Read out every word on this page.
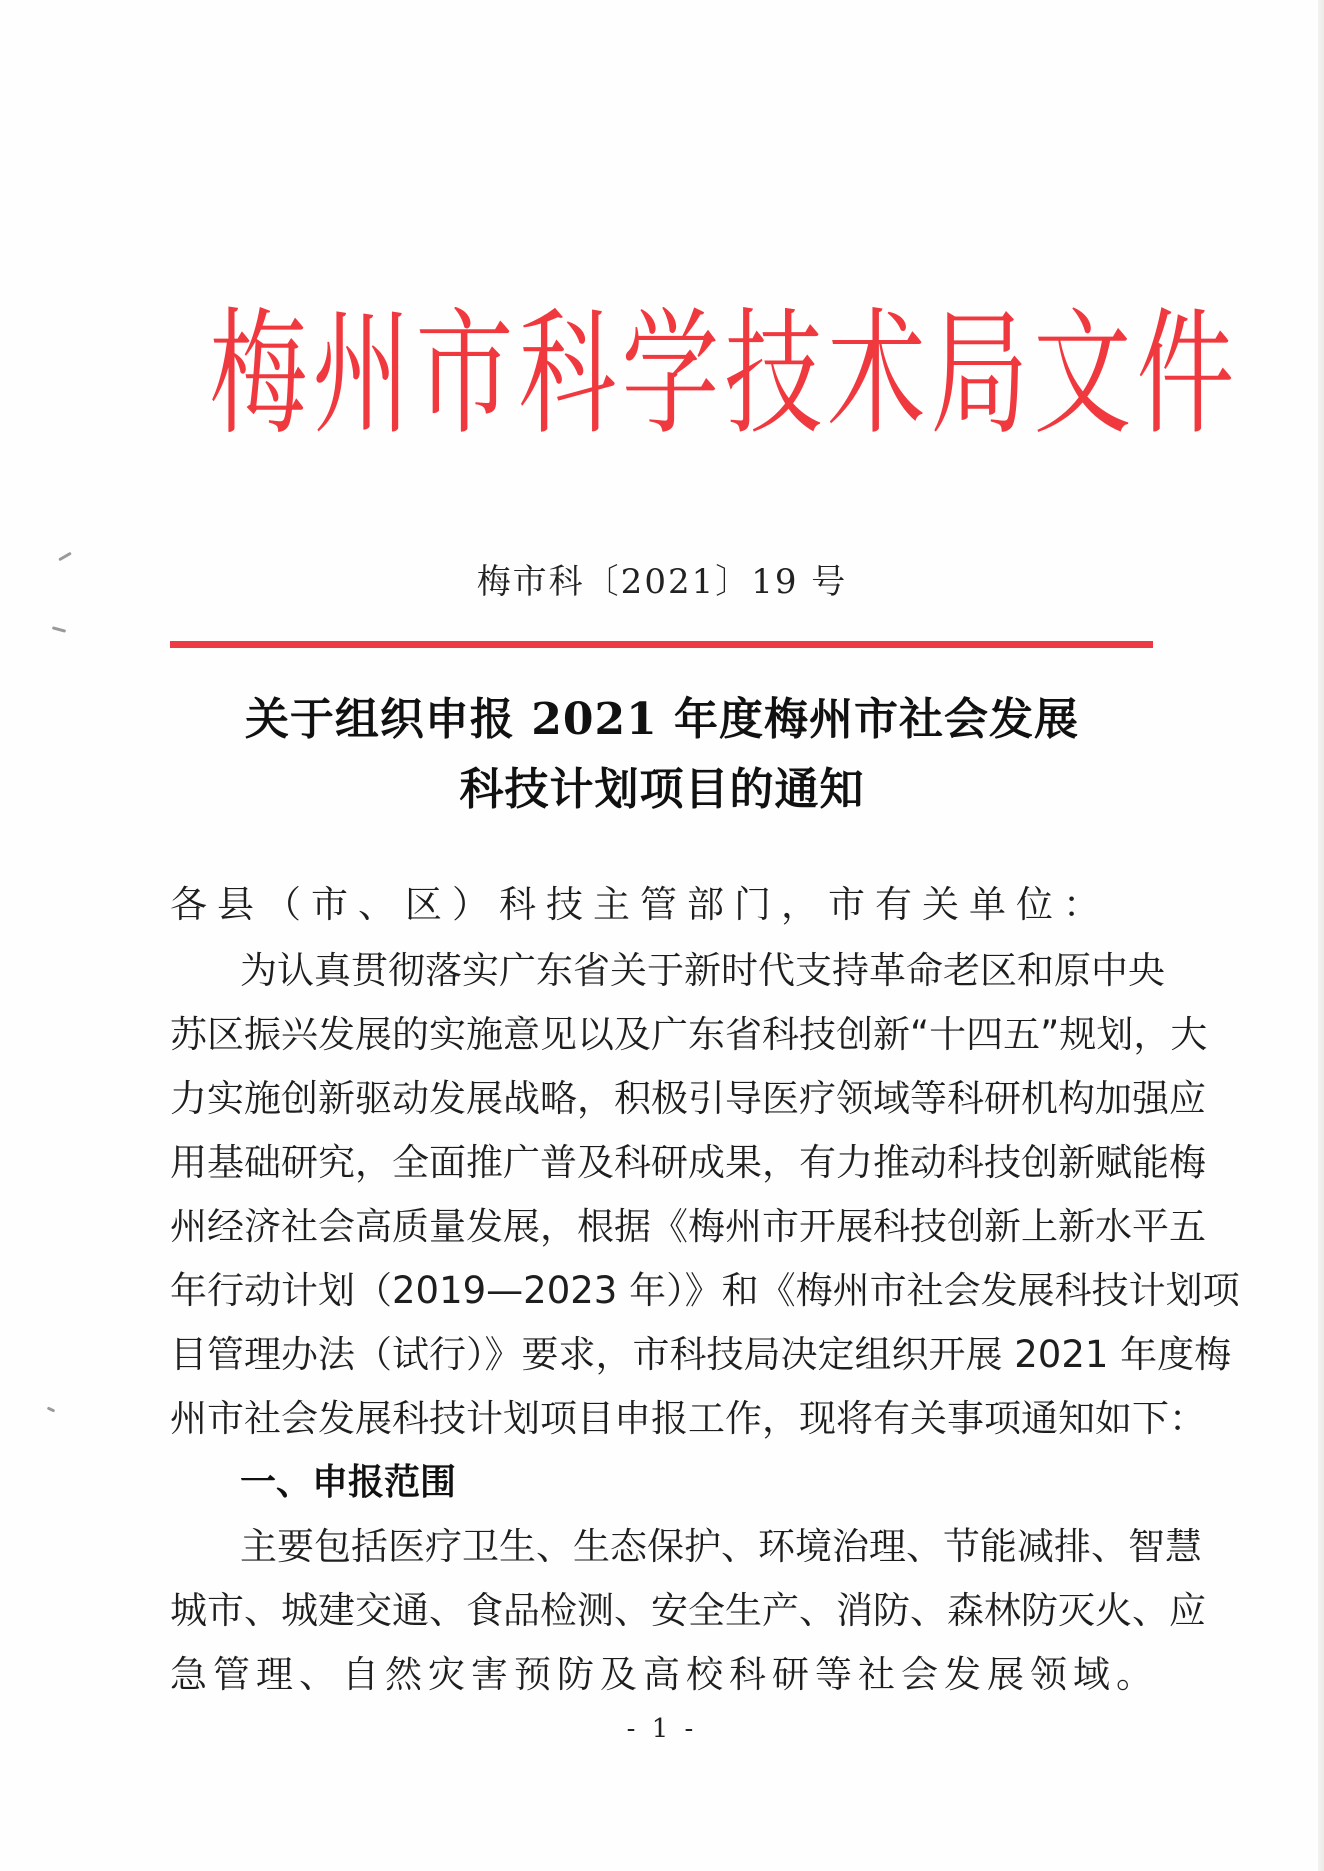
梅 州 市 科 学 技 术 局 文 件
梅市科〔2021〕19 号
关于组织申报 2021 年度梅州市社会发展
科技计划项目的通知
各县（市、区）科技主管部门，市有关单位：
为认真贯彻落实广东省关于新时代支持革命老区和原中央
苏区振兴发展的实施意见以及广东省科技创新“十四五”规划，大
力实施创新驱动发展战略，积极引导医疗领域等科研机构加强应
用基础研究，全面推广普及科研成果，有力推动科技创新赋能梅
州经济社会高质量发展，根据《梅州市开展科技创新上新水平五
年行动计划（2019—2023 年）》和《梅州市社会发展科技计划项
目管理办法（试行）》要求，市科技局决定组织开展 2021 年度梅
州市社会发展科技计划项目申报工作，现将有关事项通知如下：
一、申报范围
主要包括医疗卫生、生态保护、环境治理、节能减排、智慧
城市、城建交通、食品检测、安全生产、消防、森林防灭火、应
急管理、自然灾害预防及高校科研等社会发展领域。
- 1 -
